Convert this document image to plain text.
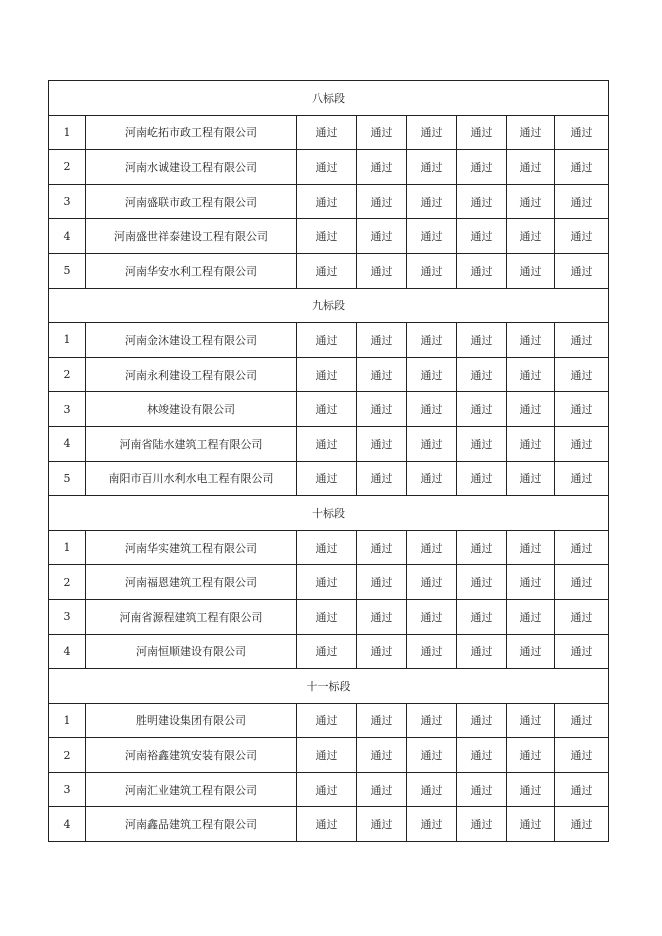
八标段							
1	河南屹拓市政工程有限公司	通过	通过	通过	通过	通过	通过
2	河南水诚建设工程有限公司	通过	通过	通过	通过	通过	通过
3	河南盛联市政工程有限公司	通过	通过	通过	通过	通过	通过
4	河南盛世祥泰建设工程有限公司	通过	通过	通过	通过	通过	通过
5	河南华安水利工程有限公司	通过	通过	通过	通过	通过	通过
九标段							
1	河南金沐建设工程有限公司	通过	通过	通过	通过	通过	通过
2	河南永利建设工程有限公司	通过	通过	通过	通过	通过	通过
3	林竣建设有限公司	通过	通过	通过	通过	通过	通过
4	河南省陆水建筑工程有限公司	通过	通过	通过	通过	通过	通过
5	南阳市百川水利水电工程有限公司	通过	通过	通过	通过	通过	通过
十标段							
1	河南华实建筑工程有限公司	通过	通过	通过	通过	通过	通过
2	河南福恩建筑工程有限公司	通过	通过	通过	通过	通过	通过
3	河南省源程建筑工程有限公司	通过	通过	通过	通过	通过	通过
4	河南恒顺建设有限公司	通过	通过	通过	通过	通过	通过
十一标段							
1	胜明建设集团有限公司	通过	通过	通过	通过	通过	通过
2	河南裕鑫建筑安装有限公司	通过	通过	通过	通过	通过	通过
3	河南汇业建筑工程有限公司	通过	通过	通过	通过	通过	通过
4	河南鑫品建筑工程有限公司	通过	通过	通过	通过	通过	通过
